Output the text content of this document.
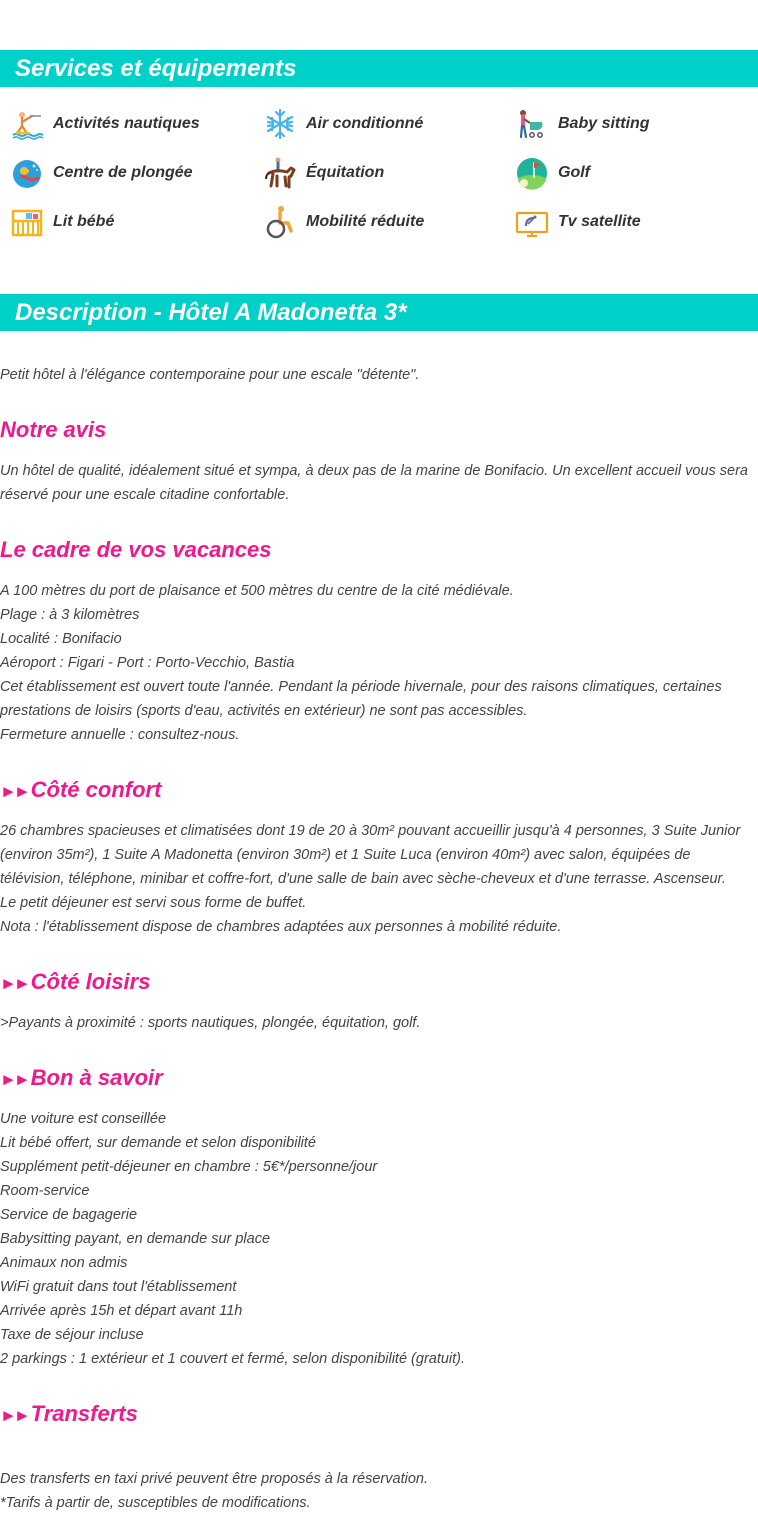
Services et équipements
Activités nautiques	Air conditionné	Baby sitting
Centre de plongée	Équitation	Golf
Lit bébé	Mobilité réduite	Tv satellite
Description - Hôtel A Madonetta 3*
Petit hôtel à l'élégance contemporaine pour une escale "détente".
Notre avis
Un hôtel de qualité, idéalement situé et sympa, à deux pas de la marine de Bonifacio. Un excellent accueil vous sera réservé pour une escale citadine confortable.
Le cadre de vos vacances
A 100 mètres du port de plaisance et 500 mètres du centre de la cité médiévale.
Plage : à 3 kilomètres
Localité : Bonifacio
Aéroport : Figari - Port : Porto-Vecchio, Bastia
Cet établissement est ouvert toute l'année. Pendant la période hivernale, pour des raisons climatiques, certaines prestations de loisirs (sports d'eau, activités en extérieur) ne sont pas accessibles.
Fermeture annuelle : consultez-nous.
►► Côté confort
26 chambres spacieuses et climatisées dont 19 de 20 à 30m² pouvant accueillir jusqu'à 4 personnes, 3 Suite Junior (environ 35m²), 1 Suite A Madonetta (environ 30m²) et 1 Suite Luca (environ 40m²) avec salon, équipées de télévision, téléphone, minibar et coffre-fort, d'une salle de bain avec sèche-cheveux et d'une terrasse. Ascenseur.
Le petit déjeuner est servi sous forme de buffet.
Nota : l'établissement dispose de chambres adaptées aux personnes à mobilité réduite.
►► Côté loisirs
>Payants à proximité : sports nautiques, plongée, équitation, golf.
►► Bon à savoir
Une voiture est conseillée
Lit bébé offert, sur demande et selon disponibilité
Supplément petit-déjeuner en chambre : 5€*/personne/jour
Room-service
Service de bagagerie
Babysitting payant, en demande sur place
Animaux non admis
WiFi gratuit dans tout l'établissement
Arrivée après 15h et départ avant 11h
Taxe de séjour incluse
2 parkings : 1 extérieur et 1 couvert et fermé, selon disponibilité (gratuit).
►► Transferts
Des transferts en taxi privé peuvent être proposés à la réservation.
*Tarifs à partir de, susceptibles de modifications.
